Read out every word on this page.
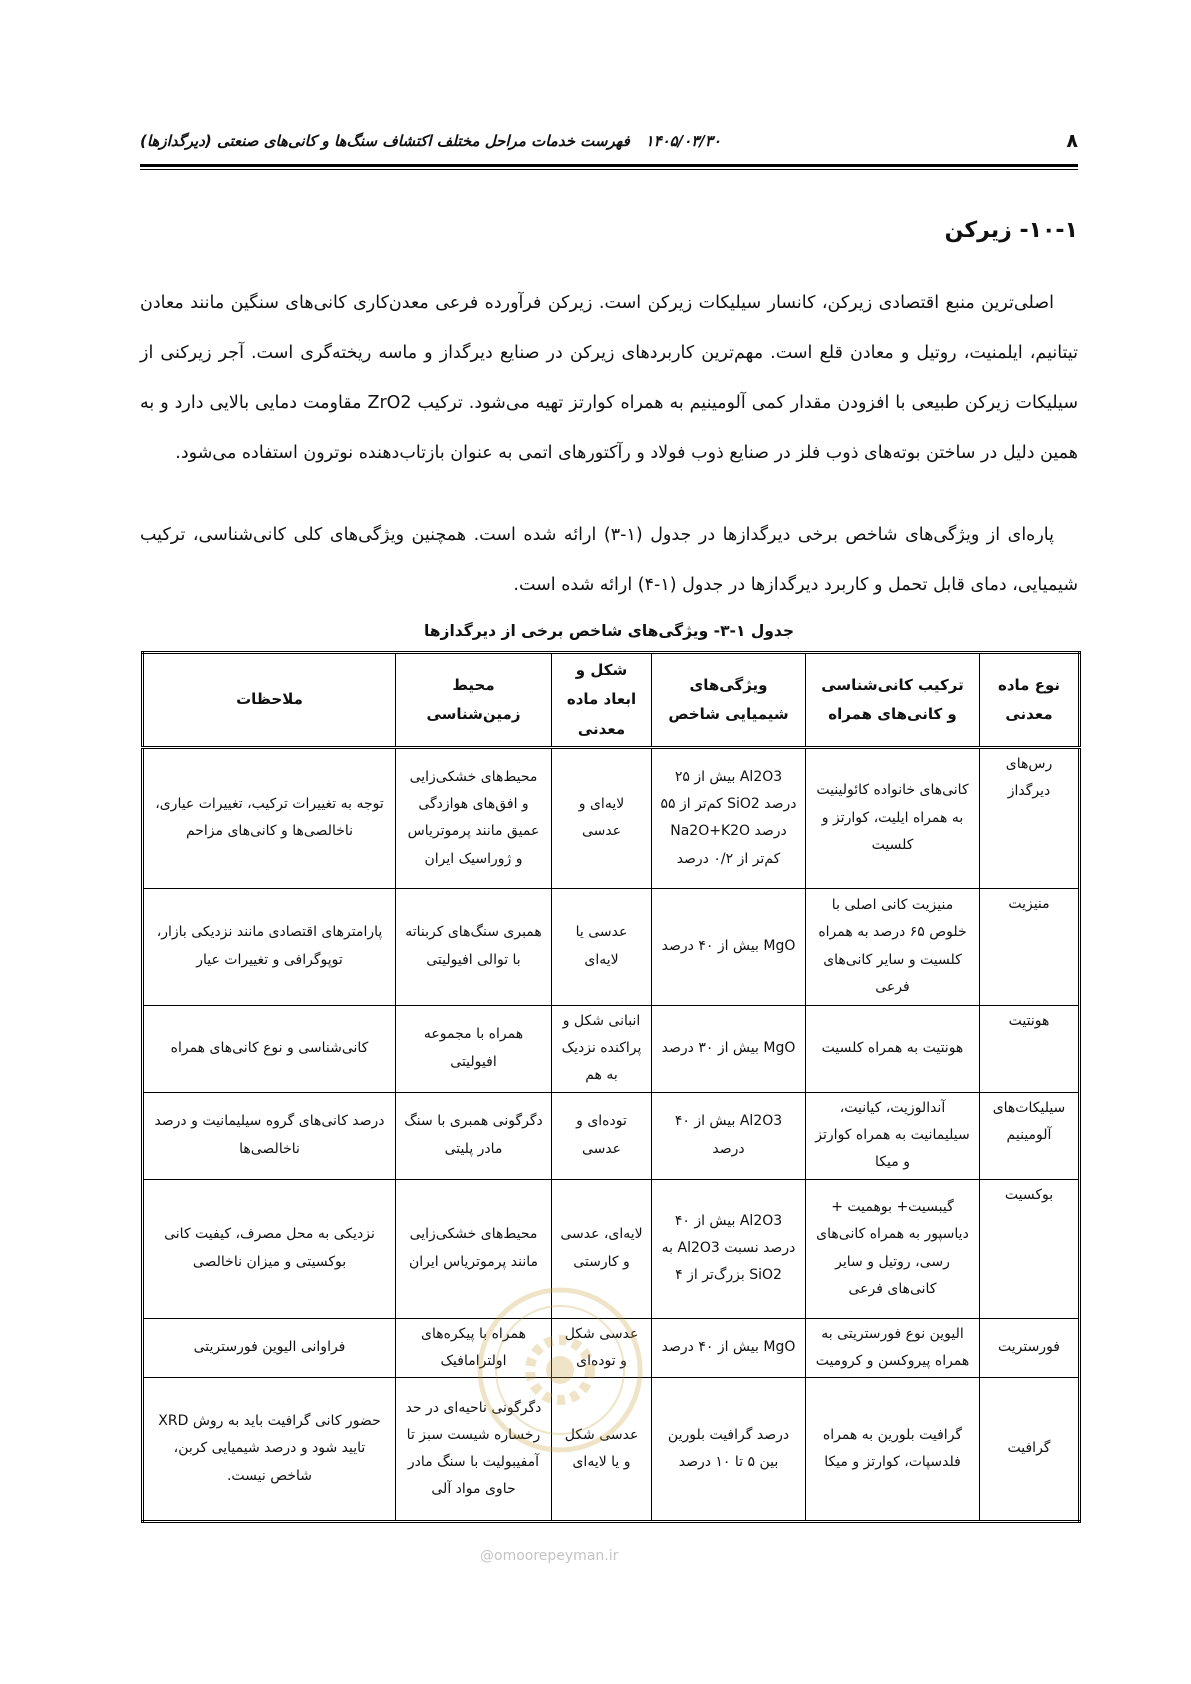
۸
۱۴۰۵/۰۳/۳۰   فهرست خدمات مراحل مختلف اکتشاف سنگ‌ها و کانی‌های صنعتی (دیرگدازها)
۱۰-۱- زیرکن
اصلی‌ترین منبع اقتصادی زیرکن، کانسار سیلیکات زیرکن است. زیرکن فرآورده فرعی معدن‌کاری کانی‌های سنگین مانند معادن تیتانیم، ایلمنیت، روتیل و معادن قلع است. مهم‌ترین کاربردهای زیرکن در صنایع دیرگداز و ماسه ریخته‌گری است. آجر زیرکنی از سیلیکات زیرکن طبیعی با افزودن مقدار کمی آلومینیم به همراه کوارتز تهیه می‌شود. ترکیب ZrO2 مقاومت دمایی بالایی دارد و به همین دلیل در ساختن بوته‌های ذوب فلز در صنایع ذوب فولاد و رآکتورهای اتمی به عنوان بازتاب‌دهنده نوترون استفاده می‌شود.
پاره‌ای از ویژگی‌های شاخص برخی دیرگدازها در جدول (۱-۳) ارائه شده است. همچنین ویژگی‌های کلی کانی‌شناسی، ترکیب شیمیایی، دمای قابل تحمل و کاربرد دیرگدازها در جدول (۱-۴) ارائه شده است.
جدول ۱-۳- ویژگی‌های شاخص برخی از دیرگدازها
نوع ماده معدنی	ترکیب کانی‌شناسی و کانی‌های همراه	ویژگی‌های شیمیایی شاخص	شکل و ابعاد ماده معدنی	محیط زمین‌شناسی	ملاحظات
رس‌های دیرگداز	کانی‌های خانواده کائولینیت به همراه ایلیت، کوارتز و کلسیت	Al2O3 بیش از ۲۵ درصد SiO2 کم‌تر از ۵۵ درصد Na2O+K2O کم‌تر از ۰/۲ درصد	لایه‌ای و عدسی	محیط‌های خشکی‌زایی و افق‌های هوازدگی عمیق مانند پرموتریاس و ژوراسیک ایران	توجه به تغییرات ترکیب، تغییرات عیاری، ناخالصی‌ها و کانی‌های مزاحم
منیزیت	منیزیت کانی اصلی با خلوص ۶۵ درصد به همراه کلسیت و سایر کانی‌های فرعی	MgO بیش از ۴۰ درصد	عدسی یا لایه‌ای	همبری سنگ‌های کربناته با توالی افیولیتی	پارامترهای اقتصادی مانند نزدیکی بازار، توپوگرافی و تغییرات عیار
هونتیت	هونتیت به همراه کلسیت	MgO بیش از ۳۰ درصد	انبانی شکل و پراکنده نزدیک به هم	همراه با مجموعه افیولیتی	کانی‌شناسی و نوع کانی‌های همراه
سیلیکات‌های آلومینیم	آندالوزیت، کیانیت، سیلیمانیت به همراه کوارتز و میکا	Al2O3 بیش از ۴۰ درصد	توده‌ای و عدسی	دگرگونی همبری با سنگ مادر پلیتی	درصد کانی‌های گروه سیلیمانیت و درصد ناخالصی‌ها
بوکسیت	گیبسیت+ بوهمیت + دیاسپور به همراه کانی‌های رسی، روتیل و سایر کانی‌های فرعی	Al2O3 بیش از ۴۰ درصد نسبت Al2O3 به SiO2 بزرگ‌تر از ۴	لایه‌ای، عدسی و کارستی	محیط‌های خشکی‌زایی مانند پرموتریاس ایران	نزدیکی به محل مصرف، کیفیت کانی بوکسیتی و میزان ناخالصی
فورستریت	الیوین نوع فورستریتی به همراه پیروکسن و کرومیت	MgO بیش از ۴۰ درصد	عدسی شکل و توده‌ای	همراه با پیکره‌های اولترامافیک	فراوانی الیوین فورستریتی
گرافیت	گرافیت بلورین به همراه فلدسپات، کوارتز و میکا	درصد گرافیت بلورین بین ۵ تا ۱۰ درصد	عدسی شکل و یا لایه‌ای	دگرگونی ناحیه‌ای در حد رخساره شیست سبز تا آمفیبولیت با سنگ مادر حاوی مواد آلی	حضور کانی گرافیت باید به روش XRD تایید شود و درصد شیمیایی کربن، شاخص نیست.
@omoorepeyman.ir
